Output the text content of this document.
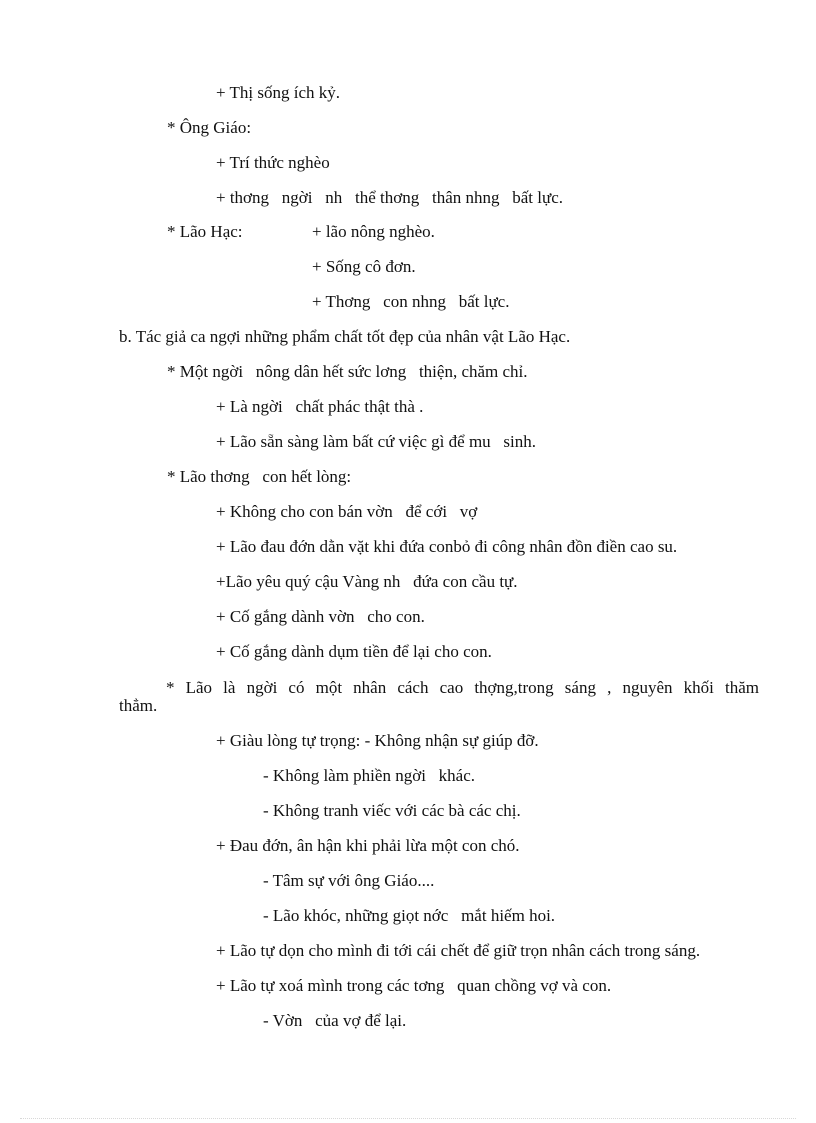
+ Thị sống ích kỷ.
* Ông Giáo:
+ Trí thức nghèo
+ thơng   ngời   nh   thể thơng   thân nhng   bất lực.
* Lão Hạc:	+ lão nông nghèo.
+ Sống cô đơn.
+ Thơng   con nhng   bất lực.
b. Tác giả ca ngợi những phẩm chất tốt đẹp của nhân vật Lão Hạc.
* Một ngời   nông dân hết sức lơng   thiện, chăm chỉ.
+ Là ngời   chất phác thật thà .
+ Lão sẵn sàng làm bất cứ việc gì để mu   sinh.
* Lão thơng   con hết lòng:
+ Không cho con bán vờn   để cới   vợ
+ Lão đau đớn dằn vặt khi đứa conbỏ đi công nhân đồn điền cao su.
+Lão yêu quý cậu Vàng nh   đứa con cầu tự.
+ Cố gắng dành vờn   cho con.
+ Cố gắng dành dụm tiền để lại cho con.
* Lão là ngời có một nhân cách cao thợng,trong sáng , nguyên khối thăm
thẳm.
+ Giàu lòng tự trọng: - Không nhận sự giúp đỡ.
- Không làm phiền ngời   khác.
- Không tranh viếc với các bà các chị.
+ Đau đớn, ân hận khi phải lừa một con chó.
- Tâm sự với ông Giáo....
- Lão khóc, những giọt nớc   mắt hiếm hoi.
+ Lão tự dọn cho mình đi tới cái chết để giữ trọn nhân cách trong sáng.
+ Lão tự xoá mình trong các tơng   quan chồng vợ và con.
- Vờn   của vợ để lại.
